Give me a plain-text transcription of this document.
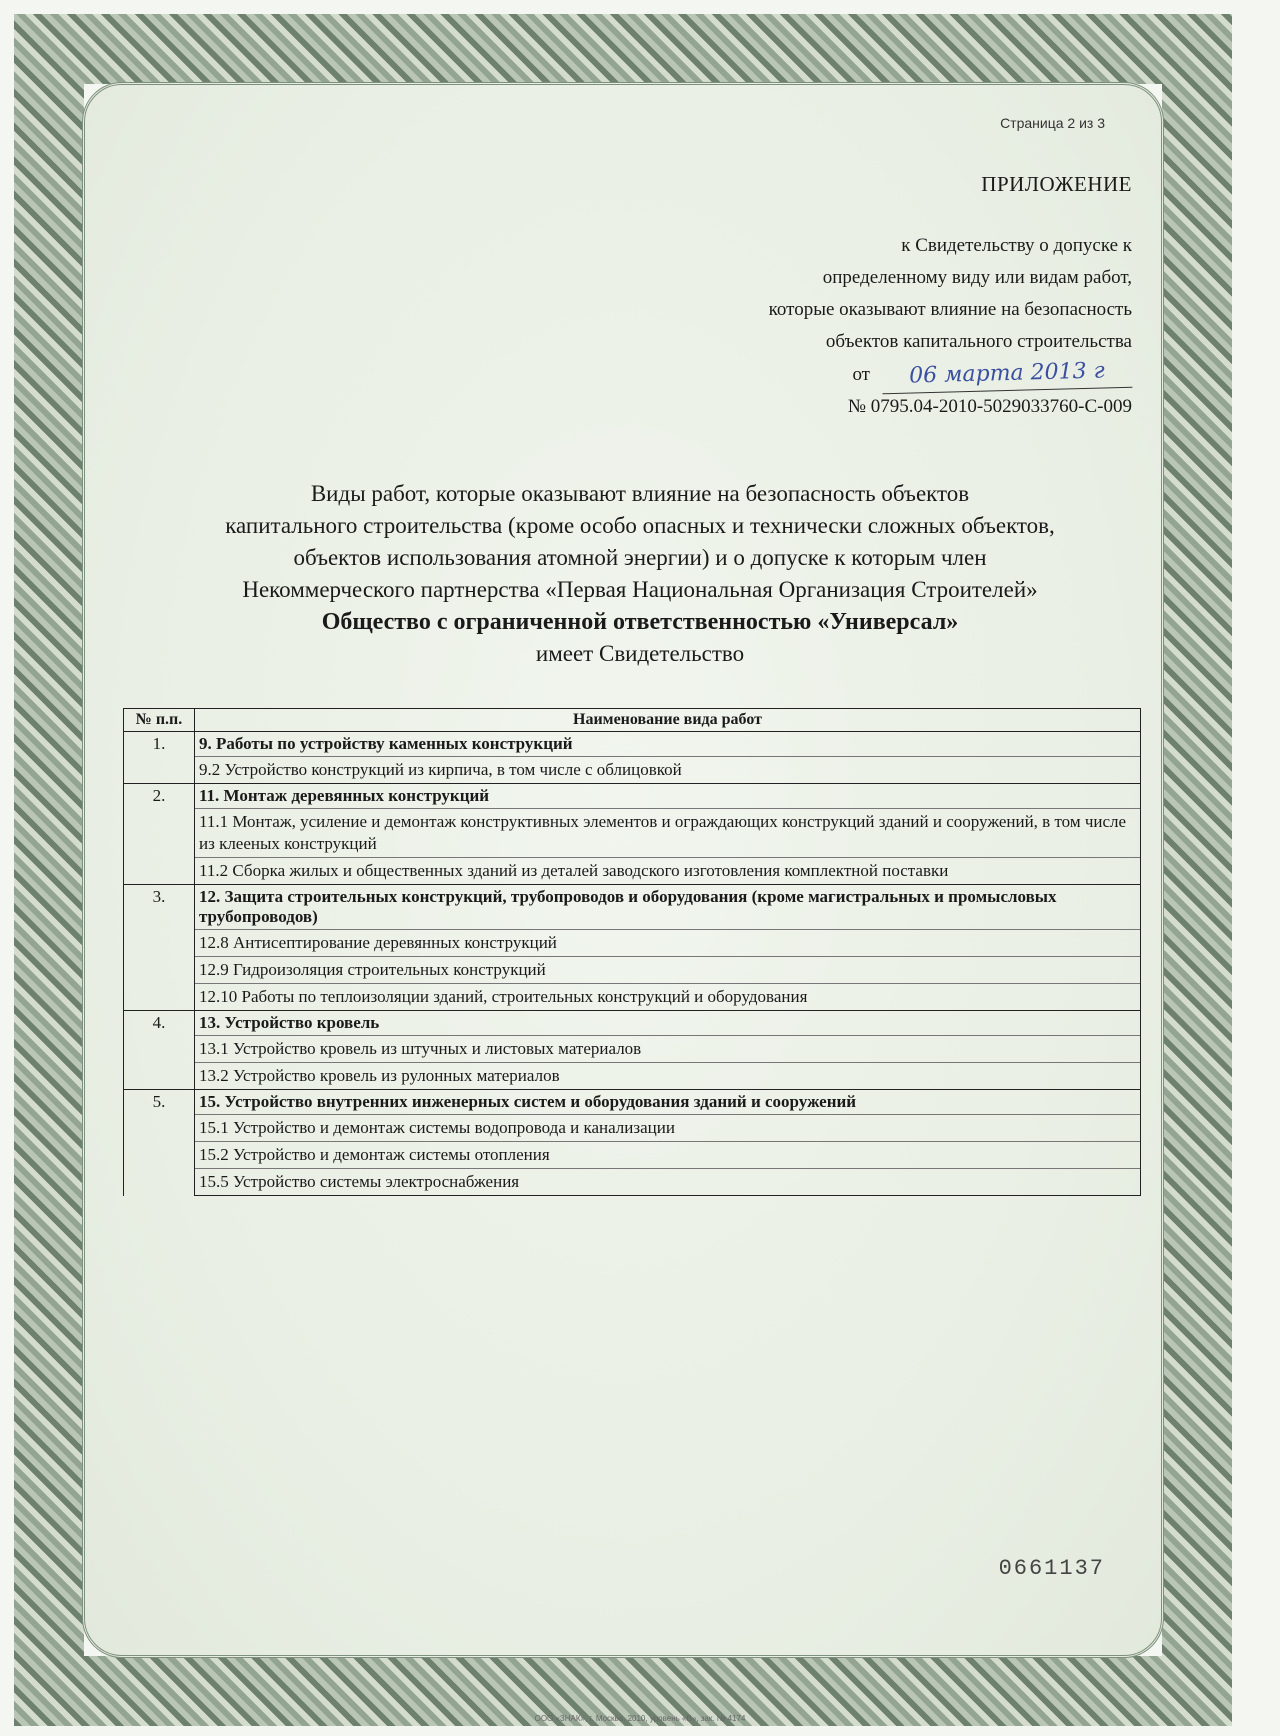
Страница 2 из 3
ПРИЛОЖЕНИЕ
к Свидетельству о допуске к
определенному виду или видам работ,
которые оказывают влияние на безопасность
объектов капитального строительства
от	06 марта 2013 г
№ 0795.04-2010-5029033760-С-009
Виды работ, которые оказывают влияние на безопасность объектов
капитального строительства (кроме особо опасных и технически сложных объектов,
объектов использования атомной энергии) и о допуске к которым член
Некоммерческого партнерства «Первая Национальная Организация Строителей»
Общество с ограниченной ответственностью «Универсал»
имеет Свидетельство
№ п.п.	Наименование вида работ
1.	9. Работы по устройству каменных конструкций
	9.2 Устройство конструкций из кирпича, в том числе с облицовкой
2.	11. Монтаж деревянных конструкций
	11.1 Монтаж, усиление и демонтаж конструктивных элементов и ограждающих конструкций зданий и сооружений, в том числе из клееных конструкций
	11.2 Сборка жилых и общественных зданий из деталей заводского изготовления комплектной поставки
3.	12. Защита строительных конструкций, трубопроводов и оборудования (кроме магистральных и промысловых трубопроводов)
	12.8 Антисептирование деревянных конструкций
	12.9 Гидроизоляция строительных конструкций
	12.10 Работы по теплоизоляции зданий, строительных конструкций и оборудования
4.	13. Устройство кровель
	13.1 Устройство кровель из штучных и листовых материалов
	13.2 Устройство кровель из рулонных материалов
5.	15. Устройство внутренних инженерных систем и оборудования зданий и сооружений
	15.1 Устройство и демонтаж системы водопровода и канализации
	15.2 Устройство и демонтаж системы отопления
	15.5 Устройство системы электроснабжения
0661137
ООО «ЗНАК», г. Москва, 2010, уровень «В», зак. № 4174
